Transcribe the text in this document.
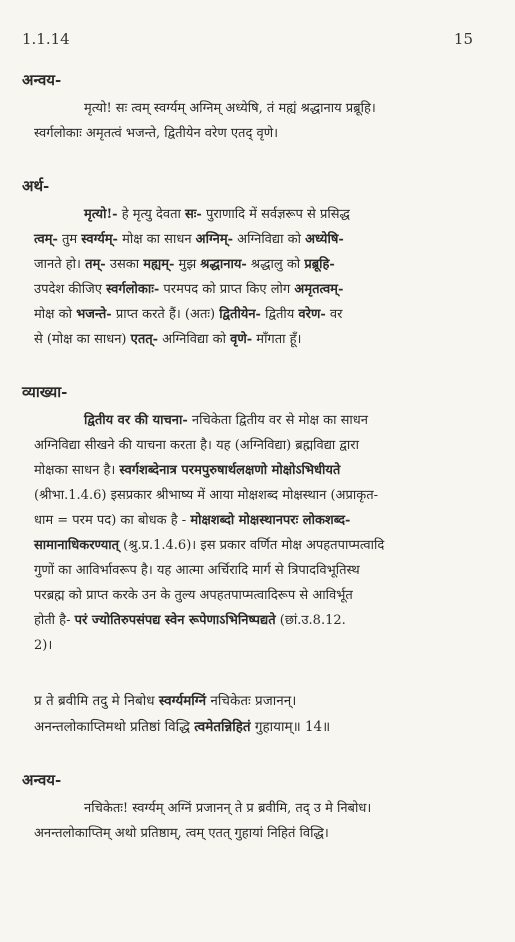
1.1.14	15
अन्वय-

मृत्यो! सः त्वम् स्वर्ग्यम् अग्निम् अध्येषि, तं मह्यं श्रद्धानाय प्रब्रूहि।

स्वर्गलोकाः अमृतत्वं भजन्ते, द्वितीयेन वरेण एतद् वृणे।

अर्थ-

मृत्यो!- हे मृत्यु देवता सः- पुराणादि में सर्वज्ञरूप से प्रसिद्ध

त्वम्- तुम स्वर्ग्यम्- मोक्ष का साधन अग्निम्- अग्निविद्या को अध्येषि-

जानते हो। तम्- उसका मह्यम्- मुझ श्रद्धानाय- श्रद्धालु को प्रब्रूहि-

उपदेश कीजिए स्वर्गलोकाः- परमपद को प्राप्त किए लोग अमृतत्वम्-

मोक्ष को भजन्ते- प्राप्त करते हैं। (अतः) द्वितीयेन- द्वितीय वरेण- वर

से (मोक्ष का साधन) एतत्- अग्निविद्या को वृणे- माँगता हूँ।

व्याख्या-

द्वितीय वर की याचना- नचिकेता द्वितीय वर से मोक्ष का साधन

अग्निविद्या सीखने की याचना करता है। यह (अग्निविद्या) ब्रह्मविद्या द्वारा

मोक्षका साधन है। स्वर्गशब्देनात्र परमपुरुषार्थलक्षणो मोक्षोऽभिधीयते

(श्रीभा.1.4.6) इसप्रकार श्रीभाष्य में आया मोक्षशब्द मोक्षस्थान (अप्राकृत-

धाम = परम पद) का बोधक है - मोक्षशब्दो मोक्षस्थानपरः लोकशब्द-

सामानाधिकरण्यात् (श्रु.प्र.1.4.6)। इस प्रकार वर्णित मोक्ष अपहतपाप्मत्वादि

गुणों का आविर्भावरूप है। यह आत्मा अर्चिरादि मार्ग से त्रिपादविभूतिस्थ

परब्रह्म को प्राप्त करके उन के तुल्य अपहतपाप्मत्वादिरूप से आविर्भूत

होती है- परं ज्योतिरुपसंपद्य स्वेन रूपेणाऽभिनिष्पद्यते (छां.उ.8.12.

2)।

प्र ते ब्रवीमि तदु मे निबोध स्वर्ग्यमग्निं नचिकेतः प्रजानन्।

अनन्तलोकाप्तिमथो प्रतिष्ठां विद्धि त्वमेतन्निहितं गुहायाम्॥ 14॥

अन्वय-

नचिकेतः! स्वर्ग्यम् अग्निं प्रजानन् ते प्र ब्रवीमि, तद् उ मे निबोध।

अनन्तलोकाप्तिम् अथो प्रतिष्ठाम्, त्वम् एतत् गुहायां निहितं विद्धि।
